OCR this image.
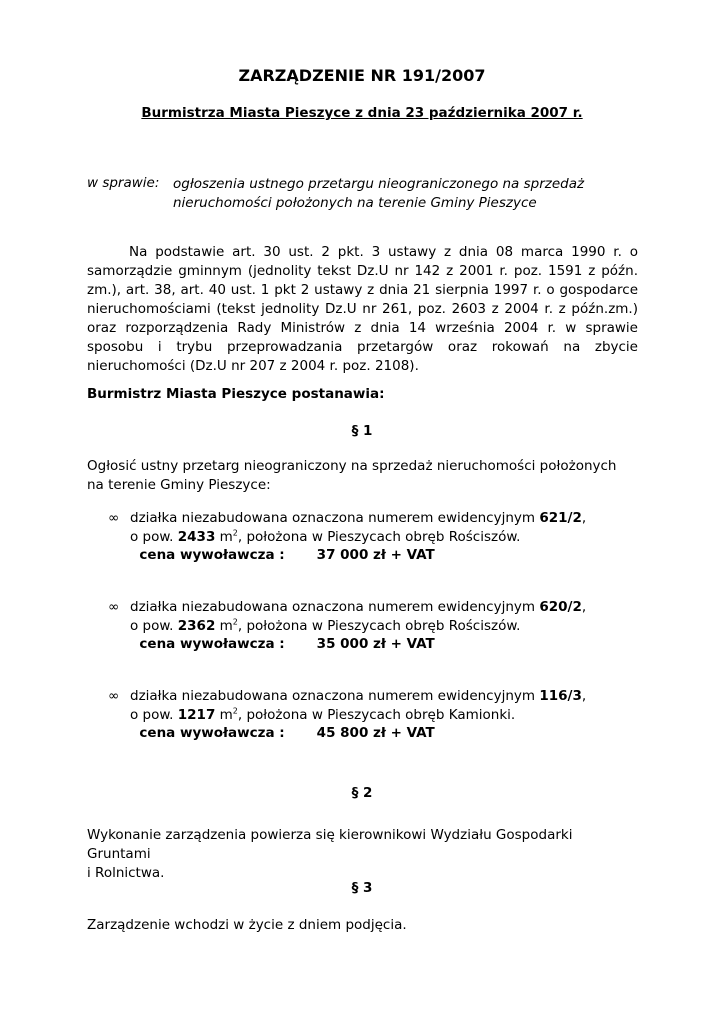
ZARZĄDZENIE NR 191/2007
Burmistrza Miasta Pieszyce z dnia 23 października 2007 r.
w sprawie: ogłoszenia ustnego przetargu nieograniczonego na sprzedaż
nieruchomości położonych na terenie Gminy Pieszyce
Na podstawie art. 30 ust. 2 pkt. 3 ustawy z dnia 08 marca 1990 r. o samorządzie gminnym (jednolity tekst Dz.U nr 142 z 2001 r. poz. 1591 z późn. zm.), art. 38, art. 40 ust. 1 pkt 2 ustawy z dnia 21 sierpnia 1997 r. o gospodarce nieruchomościami (tekst jednolity Dz.U nr 261, poz. 2603 z 2004 r. z późn.zm.) oraz rozporządzenia Rady Ministrów z dnia 14 września 2004 r. w sprawie sposobu i trybu przeprowadzania przetargów oraz rokowań na zbycie nieruchomości (Dz.U nr 207 z 2004 r. poz. 2108).
Burmistrz Miasta Pieszyce postanawia:
§ 1
Ogłosić ustny przetarg nieograniczony na sprzedaż nieruchomości położonych na terenie Gminy Pieszyce:
∞ działka niezabudowana oznaczona numerem ewidencyjnym 621/2,
o pow. 2433 $m^2$, położona w Pieszycach obręb Rościszów.
cena wywoławcza : 37 000 zł + VAT
∞ działka niezabudowana oznaczona numerem ewidencyjnym 620/2,
o pow. 2362 $m^2$, położona w Pieszycach obręb Rościszów.
cena wywoławcza : 35 000 zł + VAT
∞ działka niezabudowana oznaczona numerem ewidencyjnym 116/3,
o pow. 1217 $m^2$, położona w Pieszycach obręb Kamionki.
cena wywoławcza : 45 800 zł + VAT
§ 2
Wykonanie zarządzenia powierza się kierownikowi Wydziału Gospodarki Gruntami
i Rolnictwa.
§ 3
Zarządzenie wchodzi w życie z dniem podjęcia.
